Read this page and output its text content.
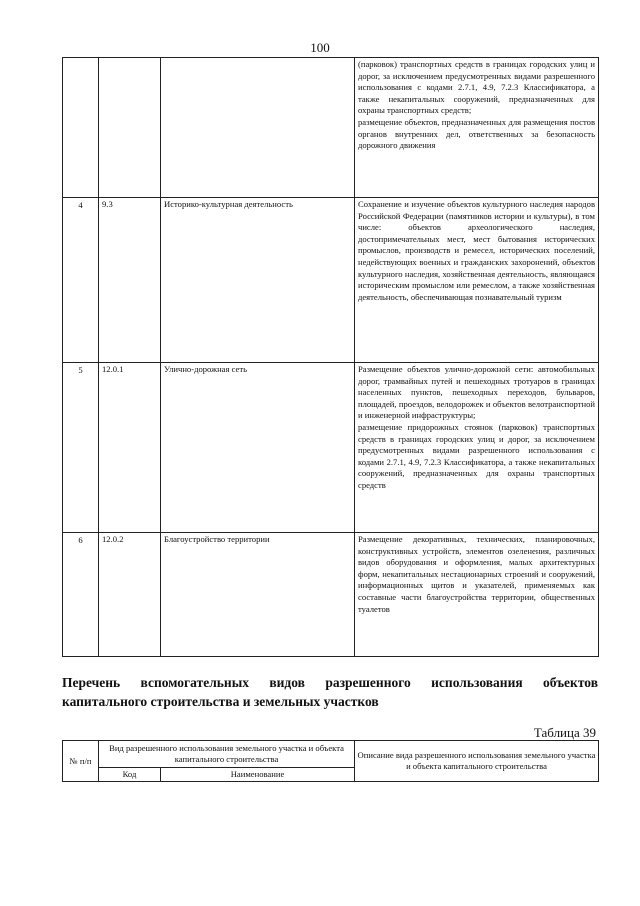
100

			(парковок) транспортных средств в границах городских улиц и дорог, за исключением предусмотренных видами разрешенного использования с кодами 2.7.1, 4.9, 7.2.3 Классификатора, а также некапитальных сооружений, предназначенных для охраны транспортных средств;

размещение объектов, предназначенных для размещения постов органов внутренних дел, ответственных за безопасность дорожного движения

4	9.3	Историко-культурная деятельность	Сохранение и изучение объектов культурного наследия народов Российской Федерации (памятников истории и культуры), в том числе: объектов археологического наследия, достопримечательных мест, мест бытования исторических промыслов, производств и ремесел, исторических поселений, недействующих военных и гражданских захоронений, объектов культурного наследия, хозяйственная деятельность, являющаяся историческим промыслом или ремеслом, а также хозяйственная деятельность, обеспечивающая познавательный туризм

5	12.0.1	Улично-дорожная сеть	Размещение объектов улично-дорожной сети: автомобильных дорог, трамвайных путей и пешеходных тротуаров в границах населенных пунктов, пешеходных переходов, бульваров, площадей, проездов, велодорожек и объектов велотранспортной и инженерной инфраструктуры;

размещение придорожных стоянок (парковок) транспортных средств в границах городских улиц и дорог, за исключением предусмотренных видами разрешенного использования с кодами 2.7.1, 4.9, 7.2.3 Классификатора, а также некапитальных сооружений, предназначенных для охраны транспортных средств

6	12.0.2	Благоустройство территории	Размещение декоративных, технических, планировочных, конструктивных устройств, элементов озеленения, различных видов оборудования и оформления, малых архитектурных форм, некапитальных нестационарных строений и сооружений, информационных щитов и указателей, применяемых как составные части благоустройства территории, общественных туалетов

Перечень вспомогательных видов разрешенного использования объектов капитального строительства и земельных участков
Таблица 39
№ п/п	Вид разрешенного использования земельного участка и объекта капитального строительства		Описание вида разрешенного использования земельного участка и объекта капитального строительства
	Код	Наименование	
